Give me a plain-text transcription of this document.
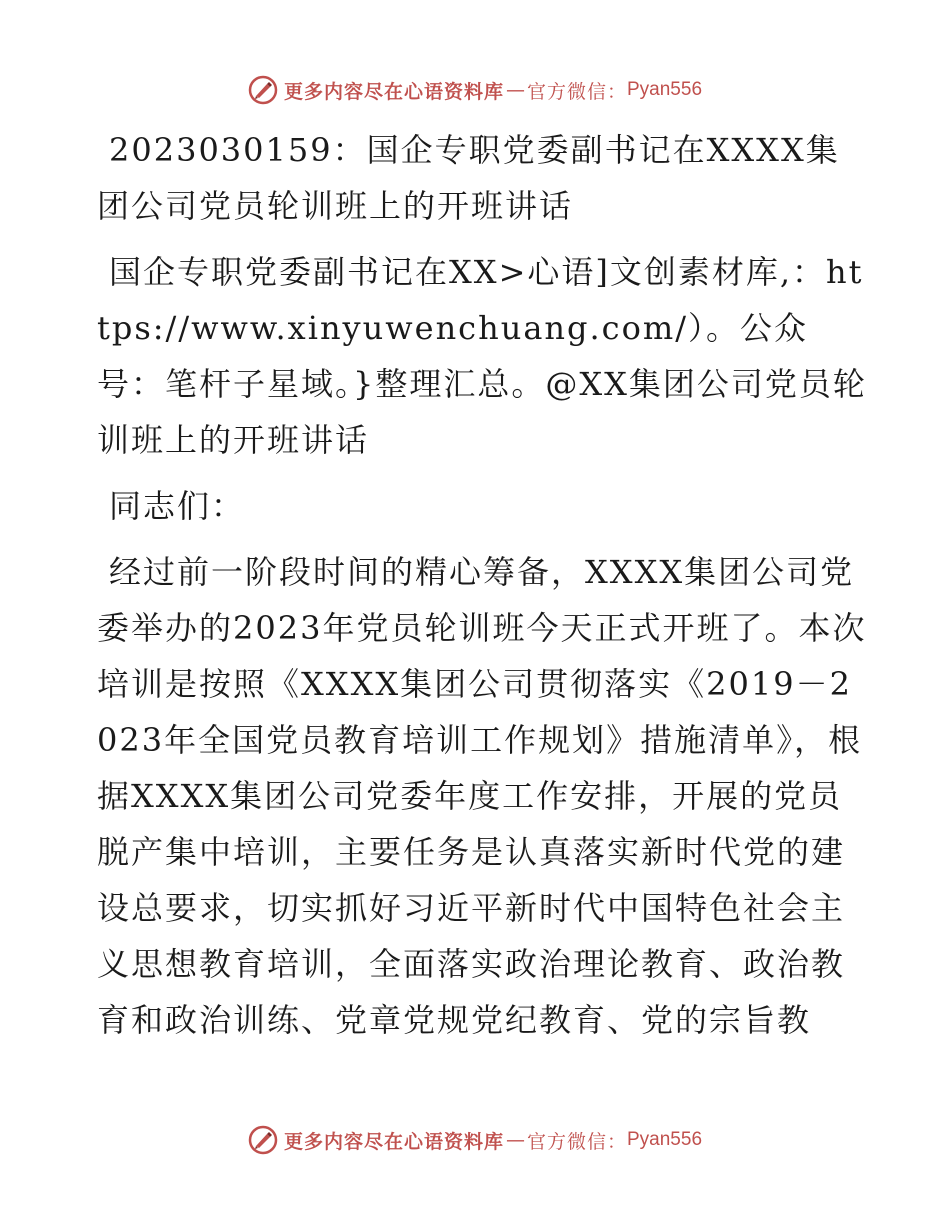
更多内容尽在心语资料库 — 官方微信： Pyan556

2023030159：国企专职党委副书记在XXXX集团公司党员轮训班上的开班讲话

国企专职党委副书记在XX>心语]文创素材库,：https://www.xinyuwenchuang.com/）。公众号：笔杆子星域。}整理汇总。@XX集团公司党员轮训班上的开班讲话

同志们：

经过前一阶段时间的精心筹备，XXXX集团公司党委举办的2023年党员轮训班今天正式开班了。本次培训是按照《XXXX集团公司贯彻落实《2019－2023年全国党员教育培训工作规划》措施清单》，根据XXXX集团公司党委年度工作安排，开展的党员脱产集中培训，主要任务是认真落实新时代党的建设总要求，切实抓好习近平新时代中国特色社会主义思想教育培训，全面落实政治理论教育、政治教育和政治训练、党章党规党纪教育、党的宗旨教

更多内容尽在心语资料库 — 官方微信： Pyan556
